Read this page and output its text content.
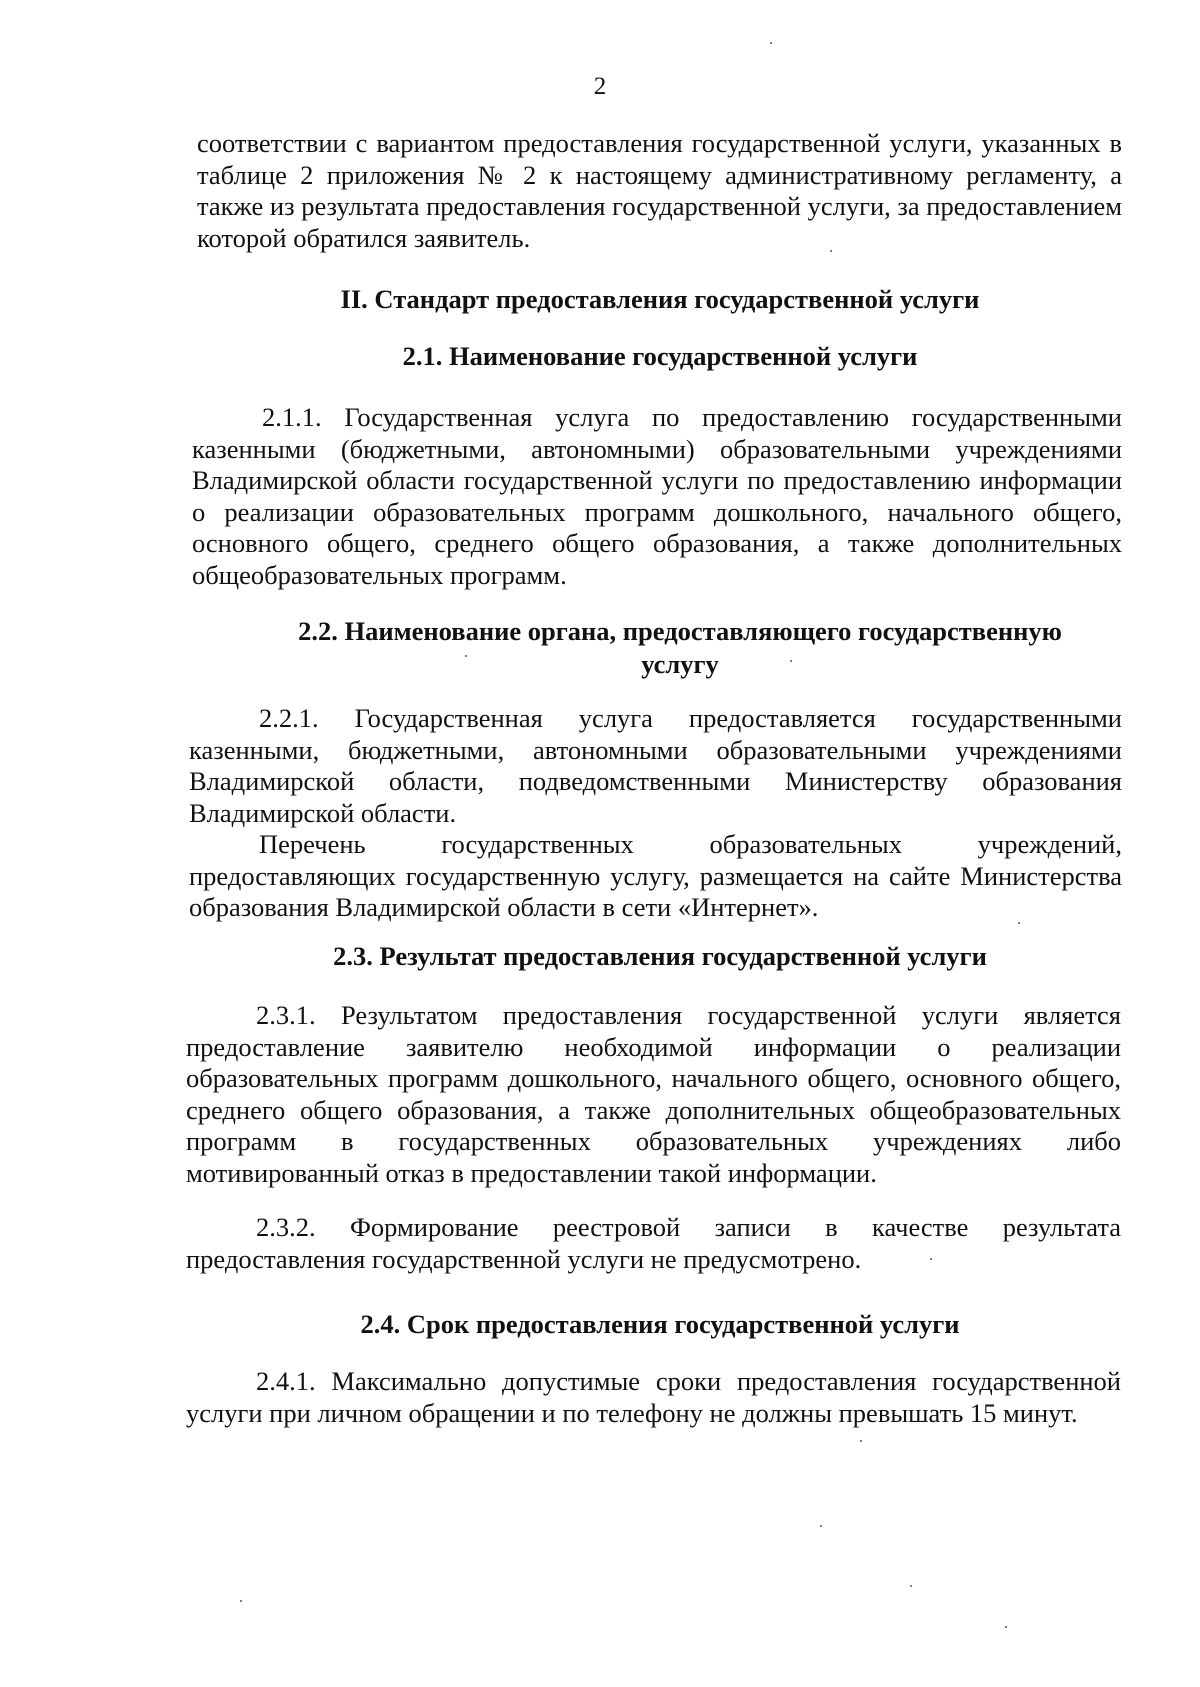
2

соответствии с вариантом предоставления государственной услуги, указанных в таблице 2 приложения № 2 к настоящему административному регламенту, а также из результата предоставления государственной услуги, за предоставлением которой обратился заявитель.

II. Стандарт предоставления государственной услуги
2.1. Наименование государственной услуги

2.1.1. Государственная услуга по предоставлению государственными казенными (бюджетными, автономными) образовательными учреждениями Владимирской области государственной услуги по предоставлению информации о реализации образовательных программ дошкольного, начального общего, основного общего, среднего общего образования, а также дополнительных общеобразовательных программ.

2.2. Наименование органа, предоставляющего государственную
услугу

2.2.1. Государственная услуга предоставляется государственными казенными, бюджетными, автономными образовательными учреждениями Владимирской области, подведомственными Министерству образования Владимирской области.

Перечень государственных образовательных учреждений, предоставляющих государственную услугу, размещается на сайте Министерства образования Владимирской области в сети «Интернет».

2.3. Результат предоставления государственной услуги

2.3.1. Результатом предоставления государственной услуги является предоставление заявителю необходимой информации о реализации образовательных программ дошкольного, начального общего, основного общего, среднего общего образования, а также дополнительных общеобразовательных программ в государственных образовательных учреждениях либо мотивированный отказ в предоставлении такой информации.

2.3.2. Формирование реестровой записи в качестве результата предоставления государственной услуги не предусмотрено.

2.4. Срок предоставления государственной услуги

2.4.1. Максимально допустимые сроки предоставления государственной услуги при личном обращении и по телефону не должны превышать 15 минут.
